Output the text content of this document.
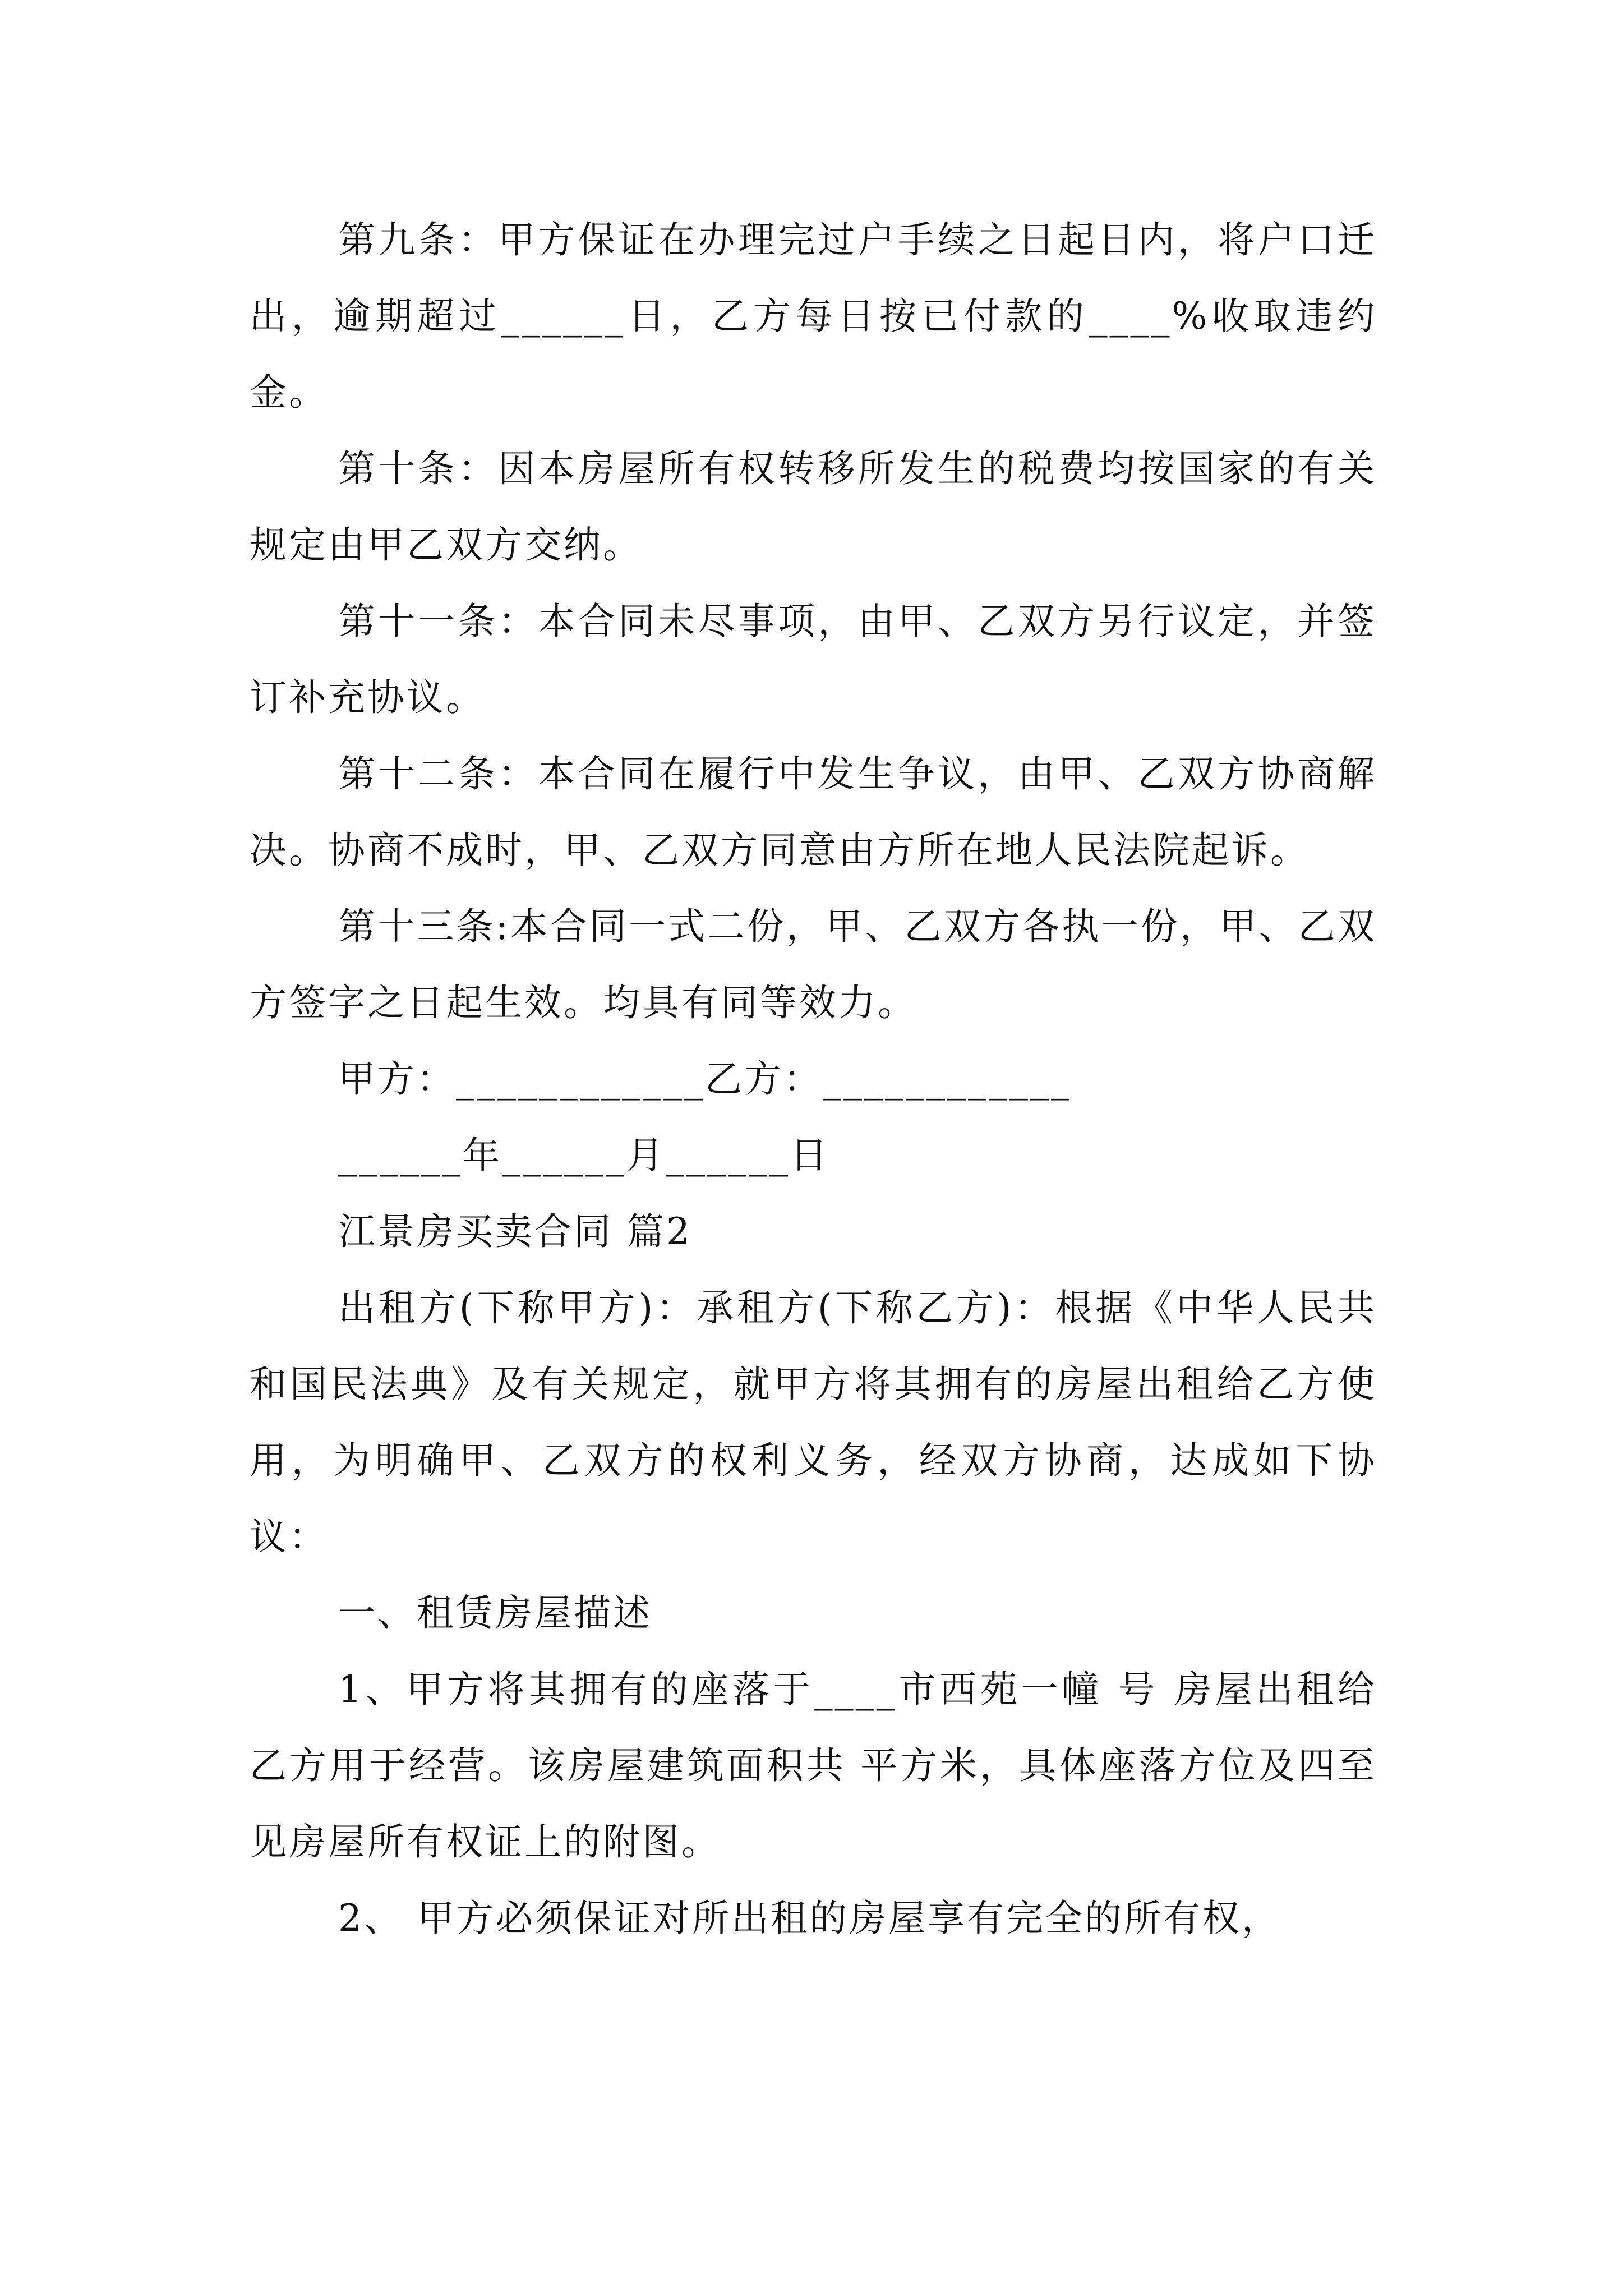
第九条：甲方保证在办理完过户手续之日起日内，将户口迁出，逾期超过______日，乙方每日按已付款的____%收取违约金。

第十条：因本房屋所有权转移所发生的税费均按国家的有关规定由甲乙双方交纳。

第十一条：本合同未尽事项，由甲、乙双方另行议定，并签订补充协议。

第十二条：本合同在履行中发生争议，由甲、乙双方协商解决。协商不成时，甲、乙双方同意由方所在地人民法院起诉。

第十三条:本合同一式二份，甲、乙双方各执一份，甲、乙双方签字之日起生效。均具有同等效力。

甲方：____________乙方：____________

______年______月______日

江景房买卖合同 篇2

出租方(下称甲方)：承租方(下称乙方)：根据《中华人民共和国民法典》及有关规定，就甲方将其拥有的房屋出租给乙方使用，为明确甲、乙双方的权利义务，经双方协商，达成如下协议：

一、租赁房屋描述

1、甲方将其拥有的座落于____市西苑一幢 号 房屋出租给乙方用于经营。该房屋建筑面积共 平方米，具体座落方位及四至见房屋所有权证上的附图。

2、 甲方必须保证对所出租的房屋享有完全的所有权，
